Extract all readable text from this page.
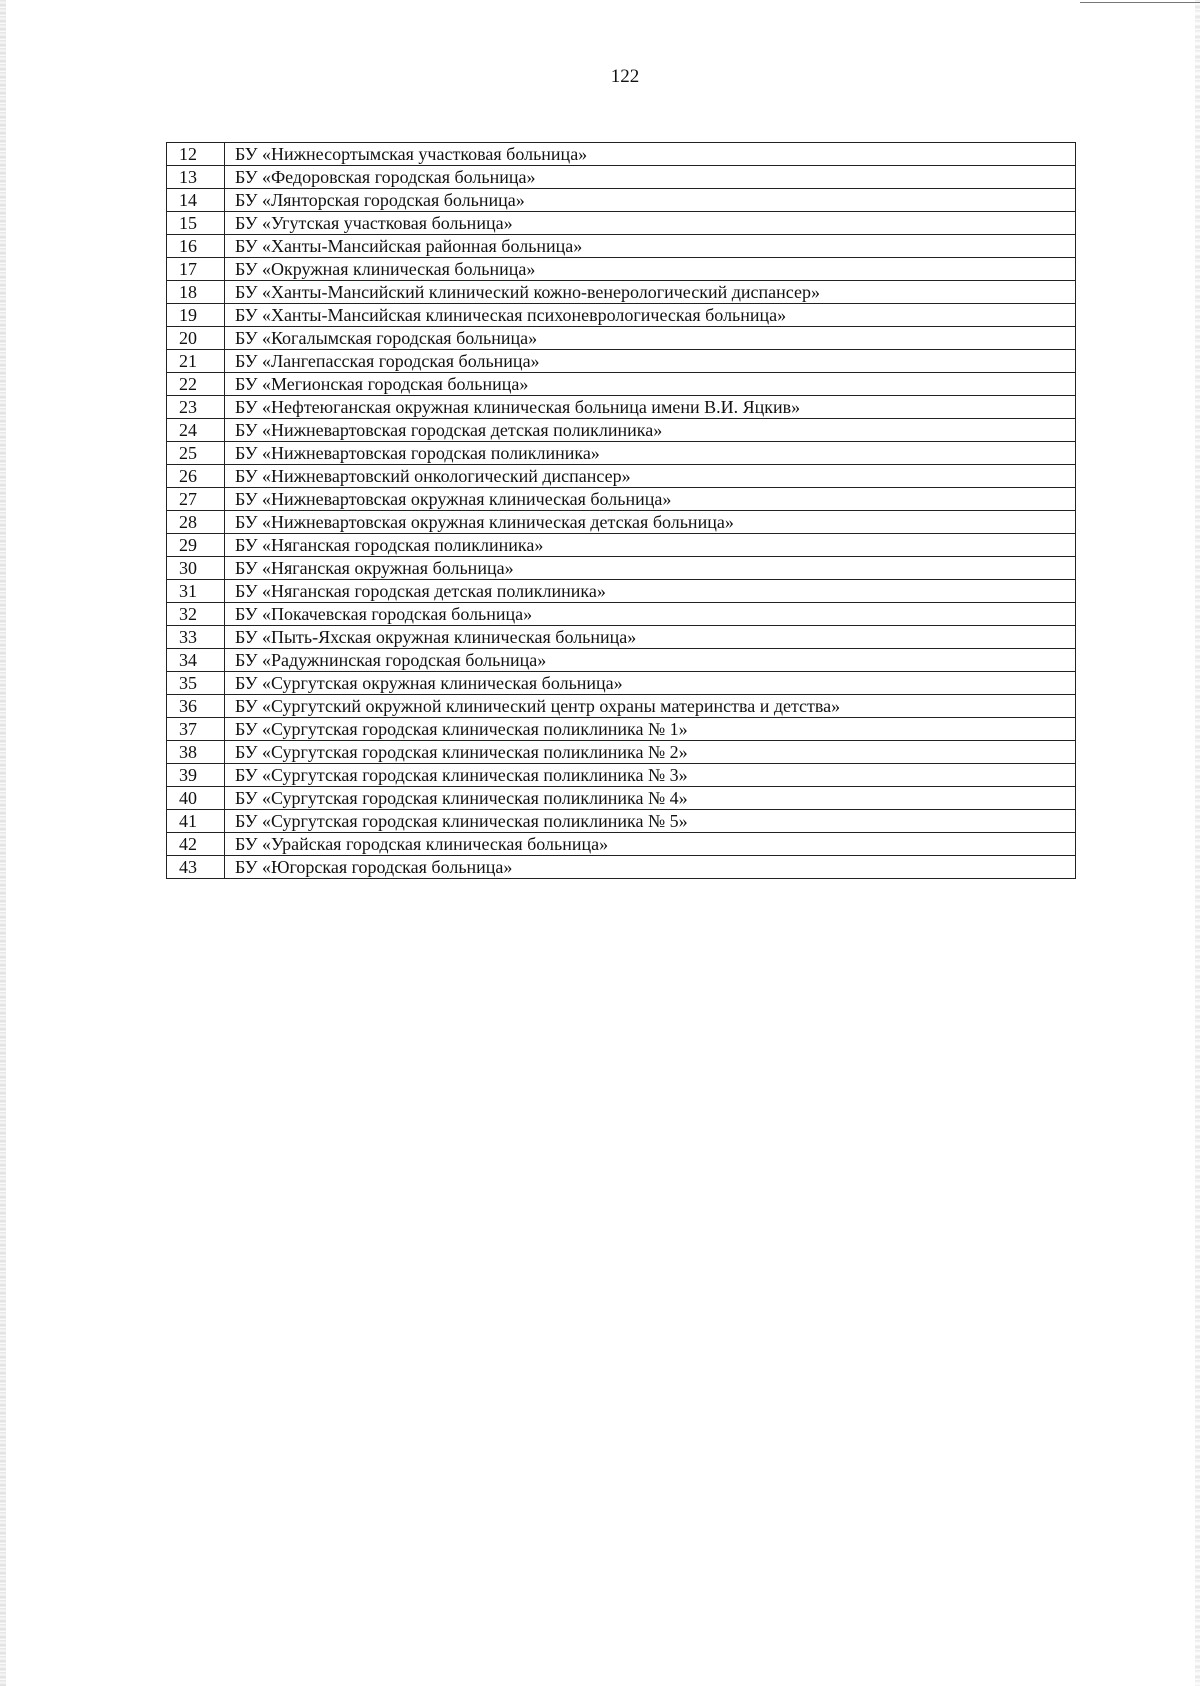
122
12	БУ «Нижнесортымская участковая больница»
13	БУ «Федоровская городская больница»
14	БУ «Лянторская городская больница»
15	БУ «Угутская участковая больница»
16	БУ «Ханты-Мансийская районная больница»
17	БУ «Окружная клиническая больница»
18	БУ «Ханты-Мансийский клинический кожно-венерологический диспансер»
19	БУ «Ханты-Мансийская клиническая психоневрологическая больница»
20	БУ «Когалымская городская больница»
21	БУ «Лангепасская городская больница»
22	БУ «Мегионская городская больница»
23	БУ «Нефтеюганская окружная клиническая больница имени В.И. Яцкив»
24	БУ «Нижневартовская городская детская поликлиника»
25	БУ «Нижневартовская городская поликлиника»
26	БУ «Нижневартовский онкологический диспансер»
27	БУ «Нижневартовская окружная клиническая больница»
28	БУ «Нижневартовская окружная клиническая детская больница»
29	БУ «Няганская городская поликлиника»
30	БУ «Няганская окружная больница»
31	БУ «Няганская городская детская поликлиника»
32	БУ «Покачевская городская больница»
33	БУ «Пыть-Яхская окружная клиническая больница»
34	БУ «Радужнинская городская больница»
35	БУ «Сургутская окружная клиническая больница»
36	БУ «Сургутский окружной клинический центр охраны материнства и детства»
37	БУ «Сургутская городская клиническая поликлиника № 1»
38	БУ «Сургутская городская клиническая поликлиника № 2»
39	БУ «Сургутская городская клиническая поликлиника № 3»
40	БУ «Сургутская городская клиническая поликлиника № 4»
41	БУ «Сургутская городская клиническая поликлиника № 5»
42	БУ «Урайская городская клиническая больница»
43	БУ «Югорская городская больница»
